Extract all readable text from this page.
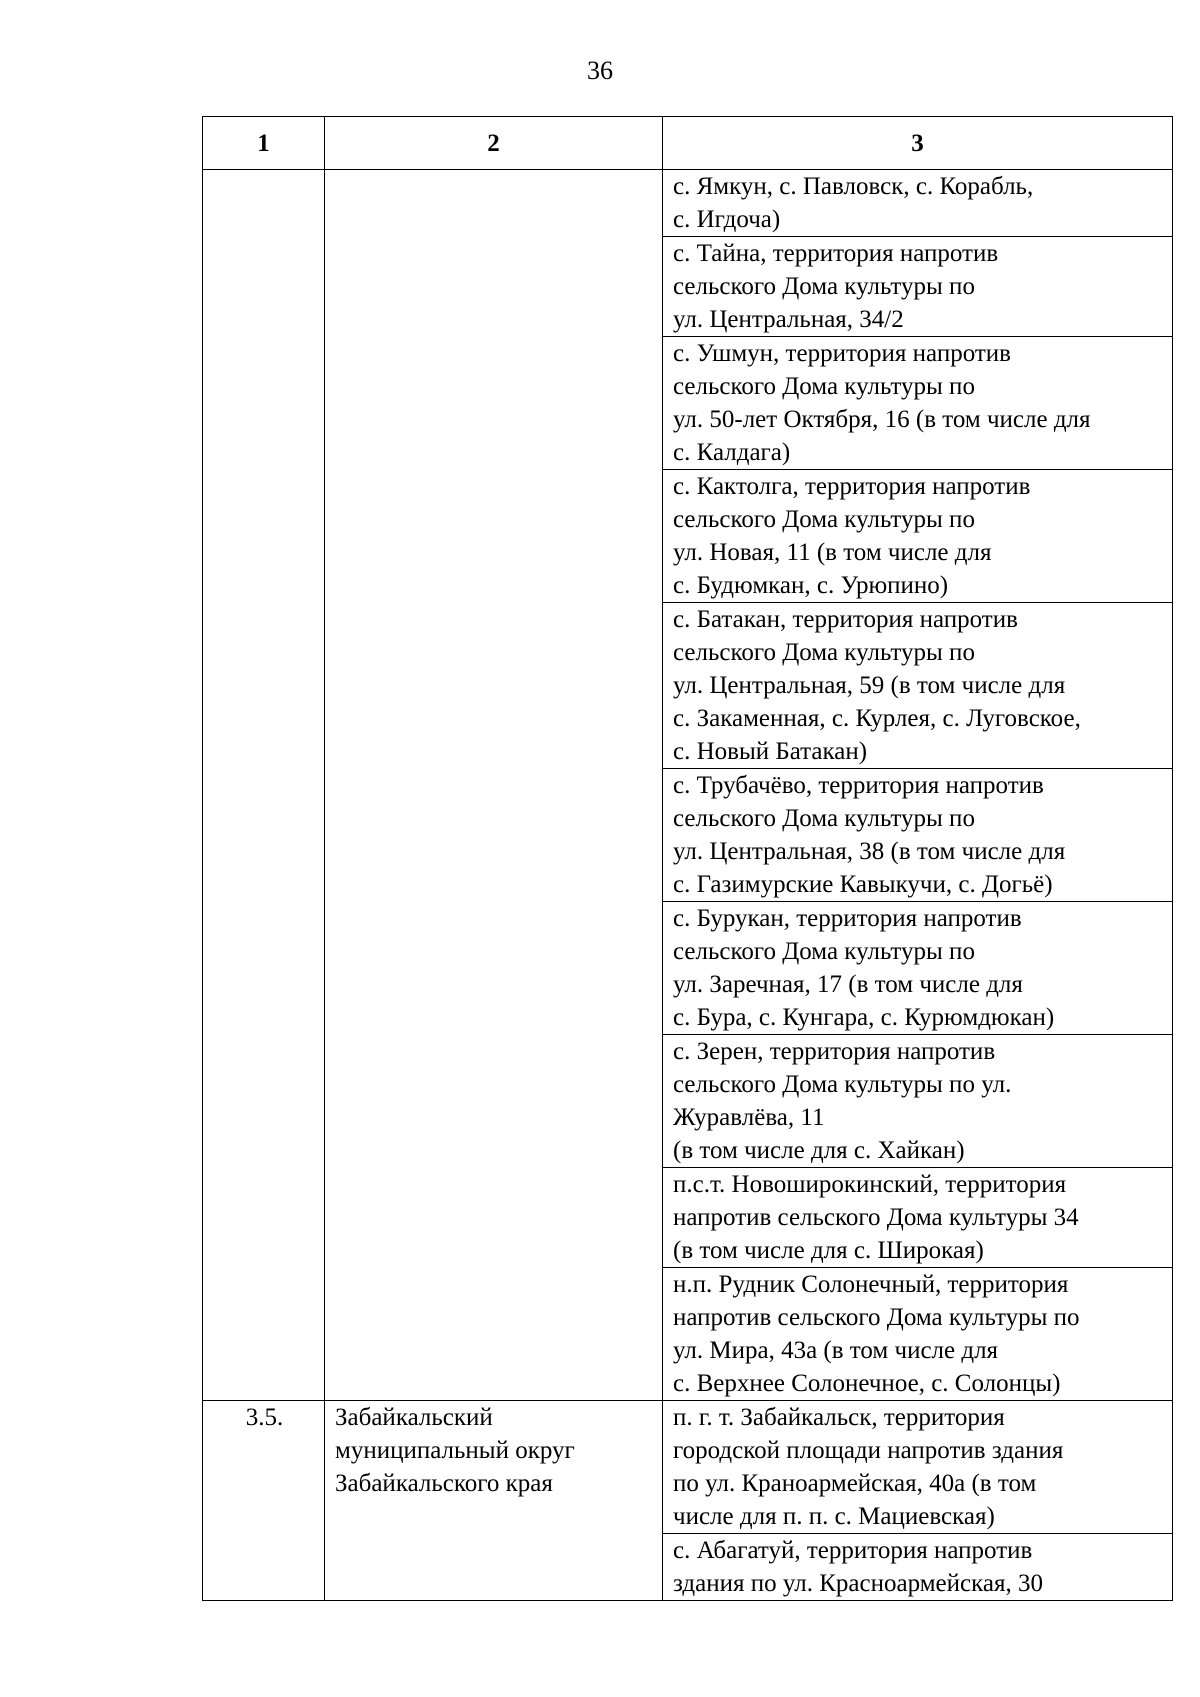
36
1	2	3

		с. Ямкун, с. Павловск, с. Корабль,
с. Игдоча)

		с. Тайна, территория напротив
сельского Дома культуры по
ул. Центральная, 34/2

		с. Ушмун, территория напротив
сельского Дома культуры по
ул. 50-лет Октября, 16 (в том числе для
с. Калдага)

		с. Кактолга, территория напротив
сельского Дома культуры по
ул. Новая, 11 (в том числе для
с. Будюмкан, с. Урюпино)

		с. Батакан, территория напротив
сельского Дома культуры по
ул. Центральная, 59 (в том числе для
с. Закаменная, с. Курлея, с. Луговское,
с. Новый Батакан)

		с. Трубачёво, территория напротив
сельского Дома культуры по
ул. Центральная, 38 (в том числе для
с. Газимурские Кавыкучи, с. Догьё)

		с. Бурукан, территория напротив
сельского Дома культуры по
ул. Заречная, 17 (в том числе для
с. Бура, с. Кунгара, с. Курюмдюкан)

		с. Зерен, территория напротив
сельского Дома культуры по ул.
Журавлёва, 11
(в том числе для с. Хайкан)

		п.с.т. Новоширокинский, территория
напротив сельского Дома культуры 34
(в том числе для с. Широкая)

		н.п. Рудник Солонечный, территория
напротив сельского Дома культуры по
ул. Мира, 43а (в том числе для
с. Верхнее Солонечное, с. Солонцы)

3.5.	Забайкальский
муниципальный округ
Забайкальского края	п. г. т. Забайкальск, территория
городской площади напротив здания
по ул. Краноармейская, 40а (в том
числе для п. п. с. Мациевская)

		с. Абагатуй, территория напротив
здания по ул. Красноармейская, 30
